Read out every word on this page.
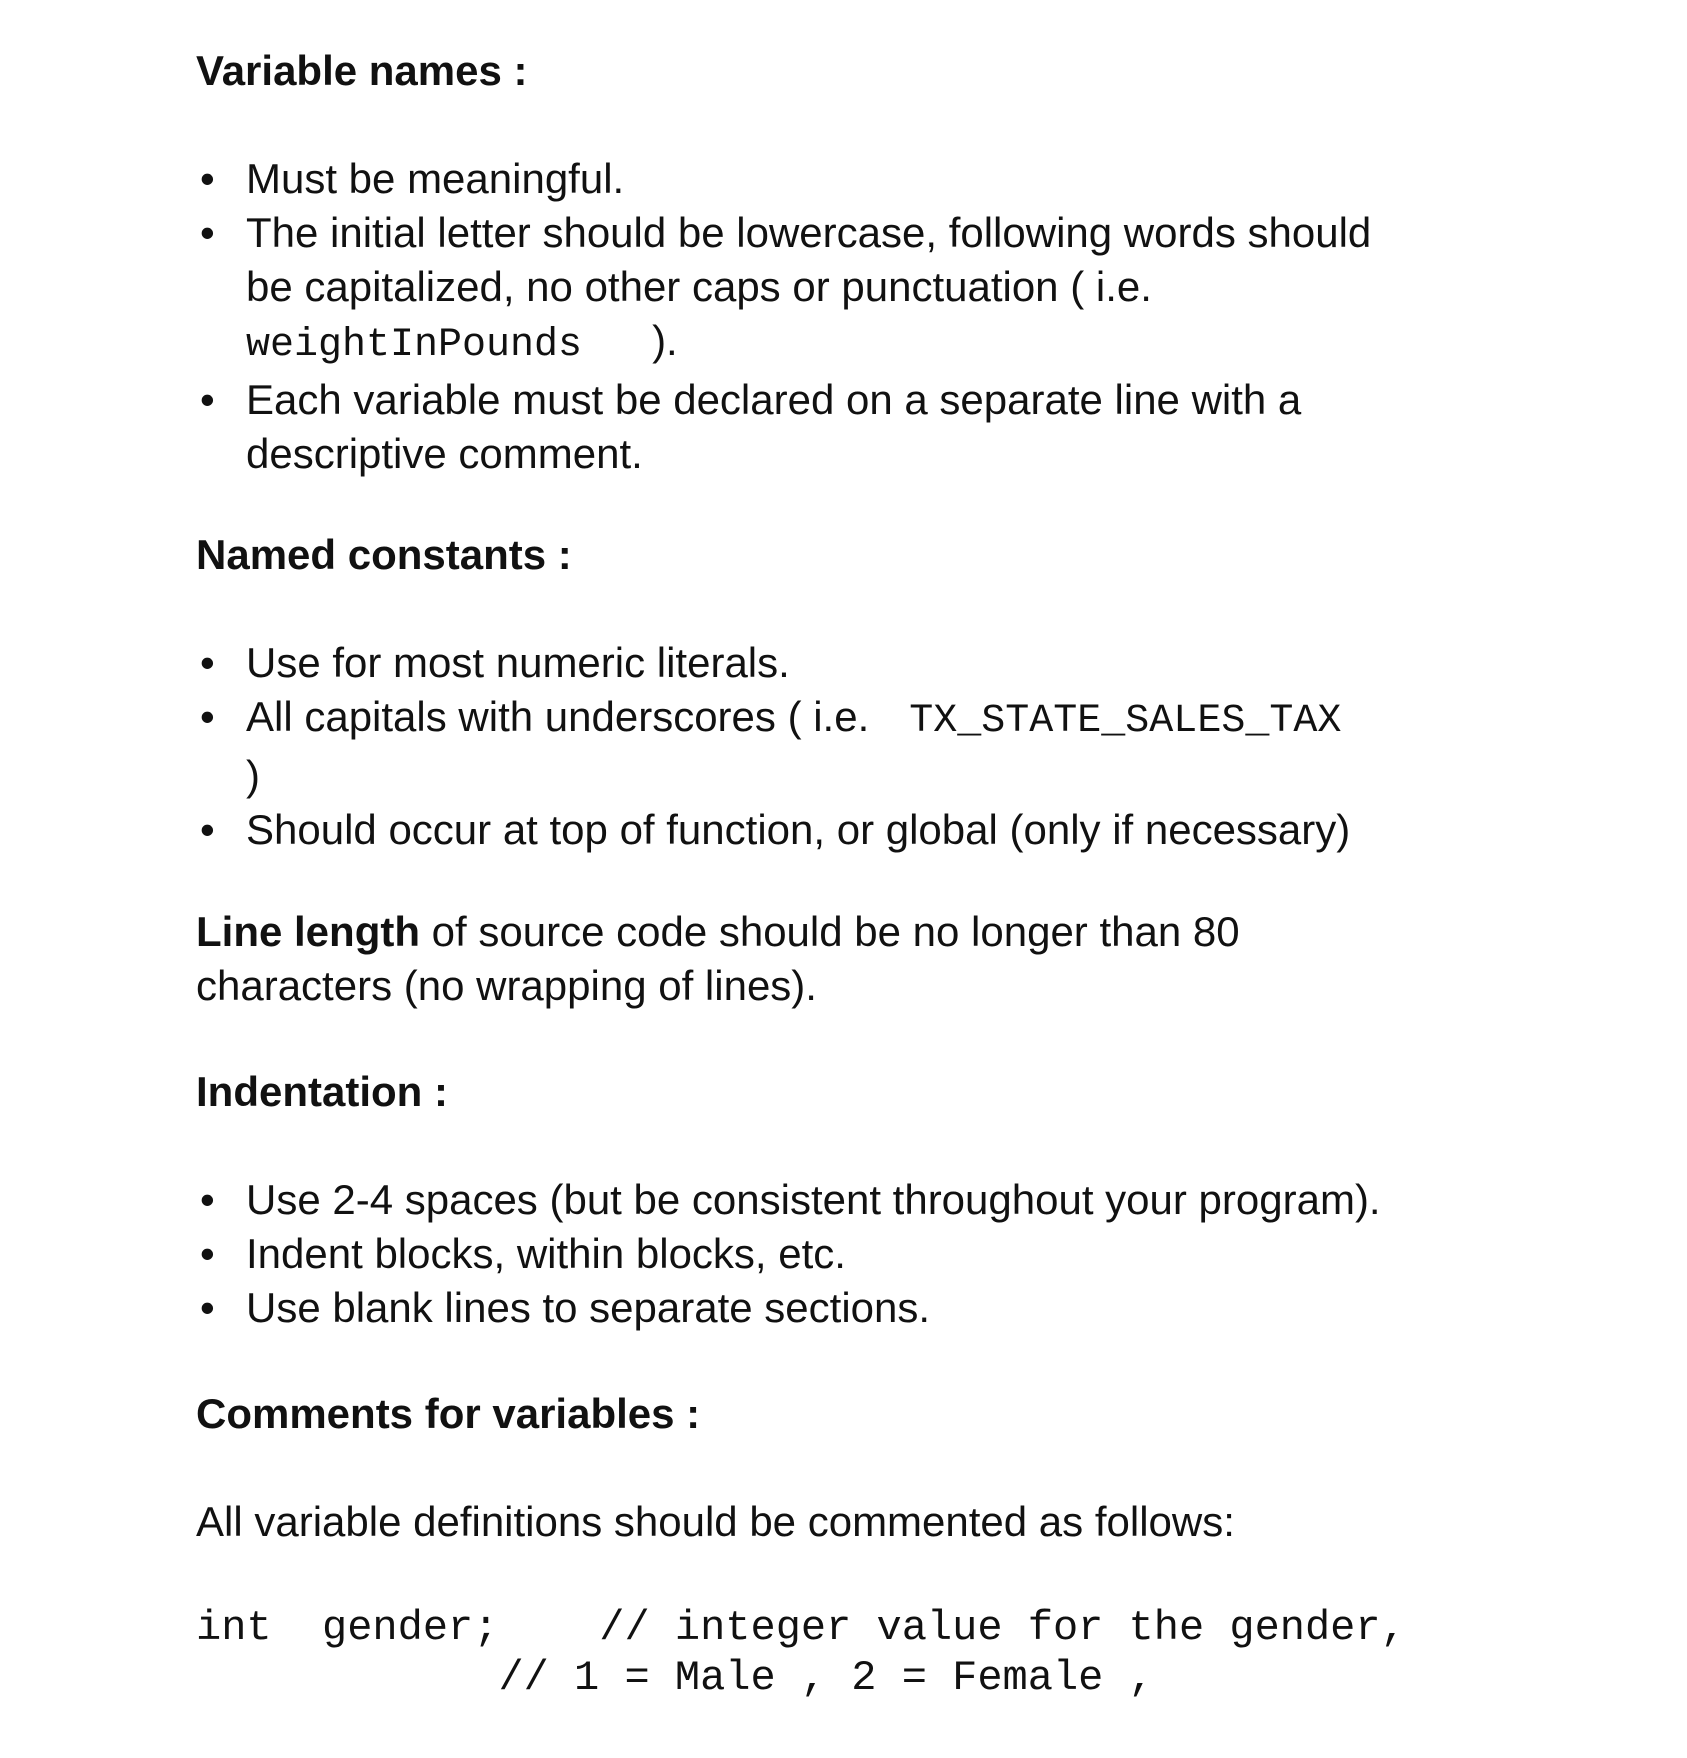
Variable names :

• Must be meaningful.
• The initial letter should be lowercase, following words should
be capitalized, no other caps or punctuation ( i.e.
weightInPounds ).
• Each variable must be declared on a separate line with a
descriptive comment.

Named constants :

• Use for most numeric literals.
• All capitals with underscores ( i.e. TX_STATE_SALES_TAX
)
• Should occur at top of function, or global (only if necessary)

Line length of source code should be no longer than 80
characters (no wrapping of lines).

Indentation :

• Use 2-4 spaces (but be consistent throughout your program).
• Indent blocks, within blocks, etc.
• Use blank lines to separate sections.

Comments for variables :

All variable definitions should be commented as follows:

int  gender;    // integer value for the gender,

// 1 = Male , 2 = Female ,
